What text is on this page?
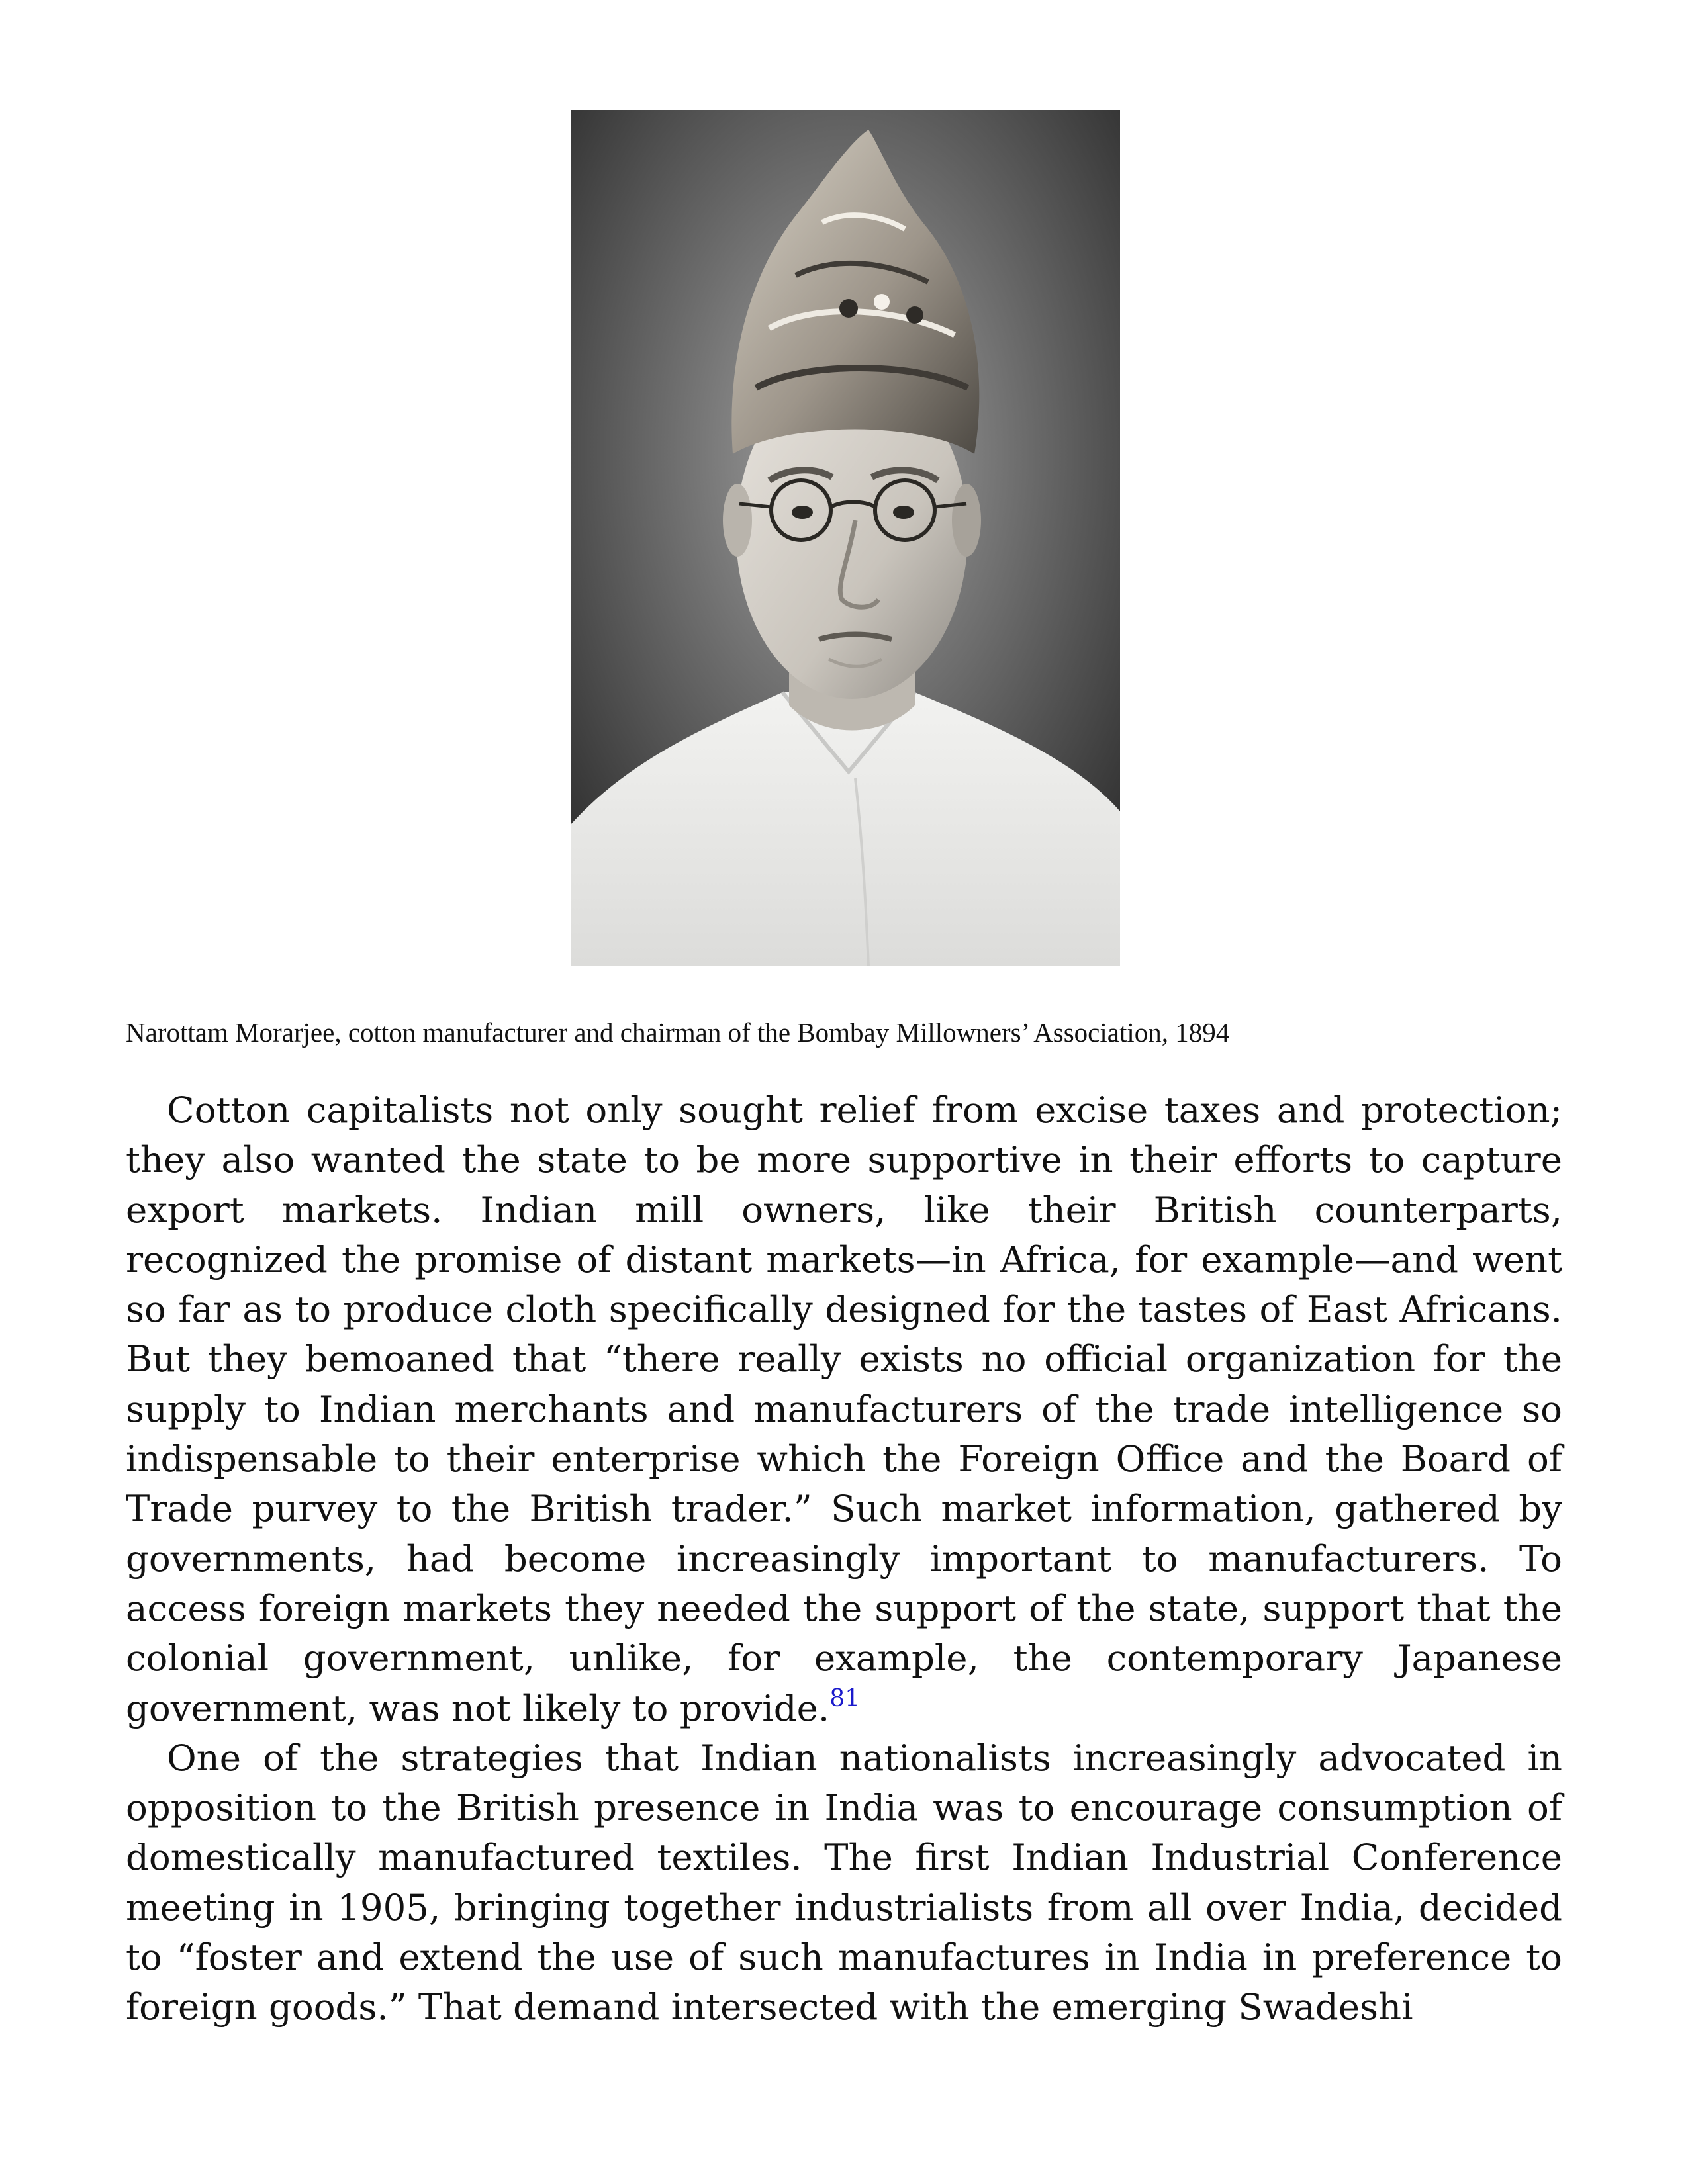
Narottam Morarjee, cotton manufacturer and chairman of the Bombay Millowners’ Association, 1894

Cotton capitalists not only sought relief from excise taxes and protection; they also wanted the state to be more supportive in their efforts to capture export markets. Indian mill owners, like their British counterparts, recognized the promise of distant markets—in Africa, for example—and went so far as to produce cloth specifically designed for the tastes of East Africans. But they bemoaned that “there really exists no official organization for the supply to Indian merchants and manufacturers of the trade intelligence so indispensable to their enterprise which the Foreign Office and the Board of Trade purvey to the British trader.” Such market information, gathered by governments, had become increasingly important to manufacturers. To access foreign markets they needed the support of the state, support that the colonial government, unlike, for example, the contemporary Japanese government, was not likely to provide.$^{81}$

One of the strategies that Indian nationalists increasingly advocated in opposition to the British presence in India was to encourage consumption of domestically manufactured textiles. The first Indian Industrial Conference meeting in 1905, bringing together industrialists from all over India, decided to “foster and extend the use of such manufactures in India in preference to foreign goods.” That demand intersected with the emerging Swadeshi
